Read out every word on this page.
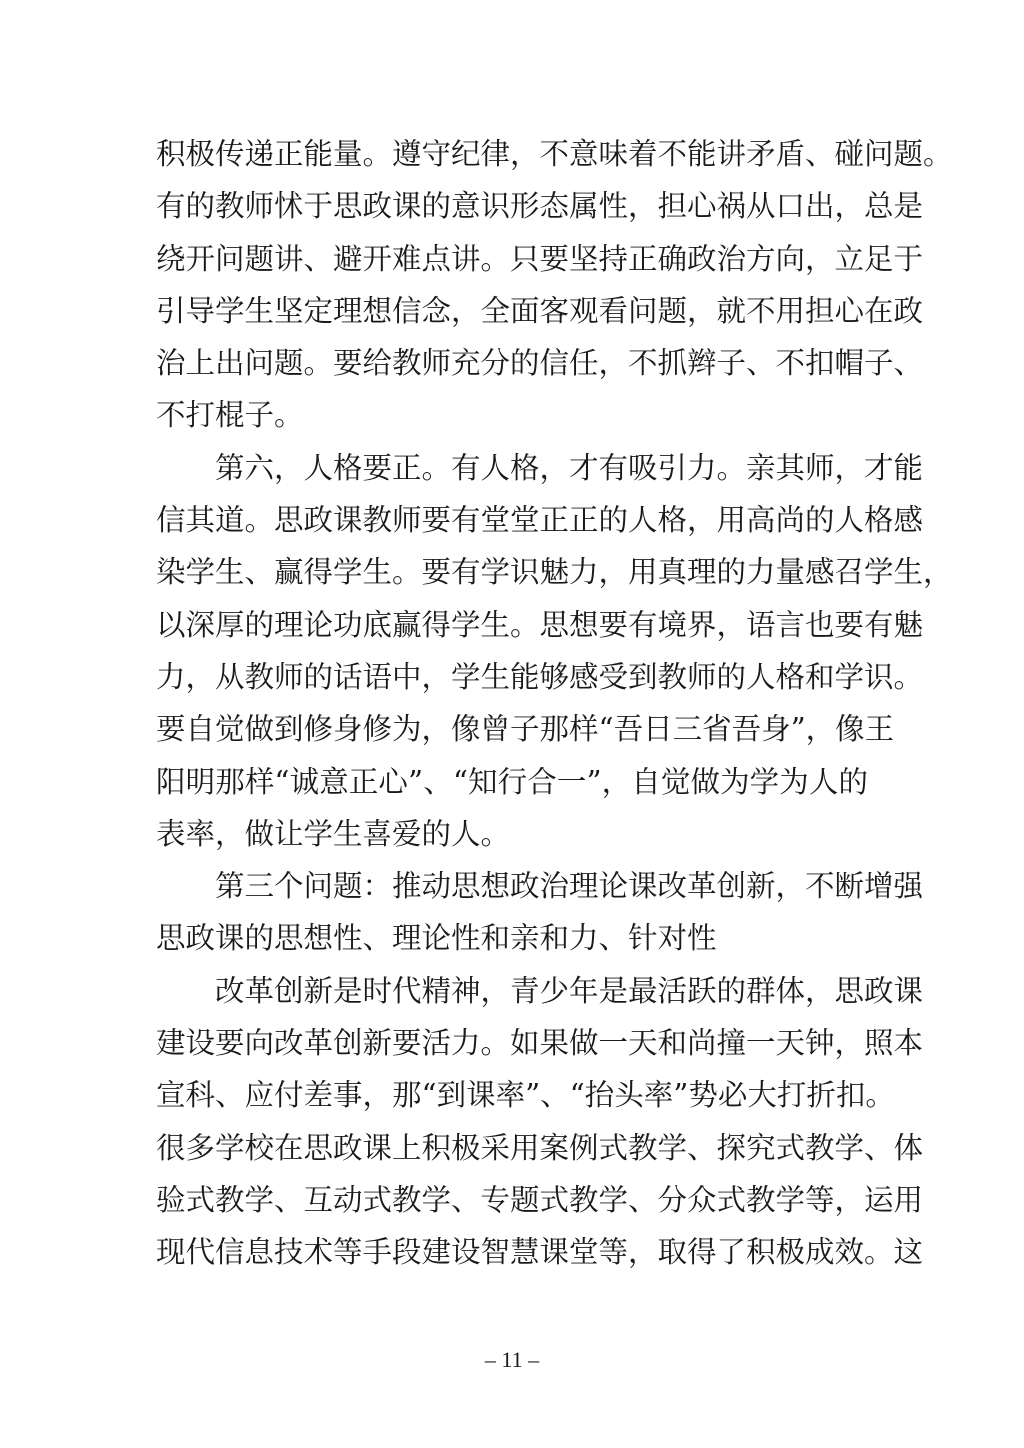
积极传递正能量。遵守纪律，不意味着不能讲矛盾、碰问题。
有的教师怵于思政课的意识形态属性，担心祸从口出，总是
绕开问题讲、避开难点讲。只要坚持正确政治方向，立足于
引导学生坚定理想信念，全面客观看问题，就不用担心在政
治上出问题。要给教师充分的信任，不抓辫子、不扣帽子、
不打棍子。
　　第六，人格要正。有人格，才有吸引力。亲其师，才能
信其道。思政课教师要有堂堂正正的人格，用高尚的人格感
染学生、赢得学生。要有学识魅力，用真理的力量感召学生，
以深厚的理论功底赢得学生。思想要有境界，语言也要有魅
力，从教师的话语中，学生能够感受到教师的人格和学识。
要自觉做到修身修为，像曾子那样“吾日三省吾身”，像王
阳明那样“诚意正心”、“知行合一”，自觉做为学为人的
表率，做让学生喜爱的人。
　　第三个问题：推动思想政治理论课改革创新，不断增强
思政课的思想性、理论性和亲和力、针对性
　　改革创新是时代精神，青少年是最活跃的群体，思政课
建设要向改革创新要活力。如果做一天和尚撞一天钟，照本
宣科、应付差事，那“到课率”、“抬头率”势必大打折扣。
很多学校在思政课上积极采用案例式教学、探究式教学、体
验式教学、互动式教学、专题式教学、分众式教学等，运用
现代信息技术等手段建设智慧课堂等，取得了积极成效。这
– 11 –
